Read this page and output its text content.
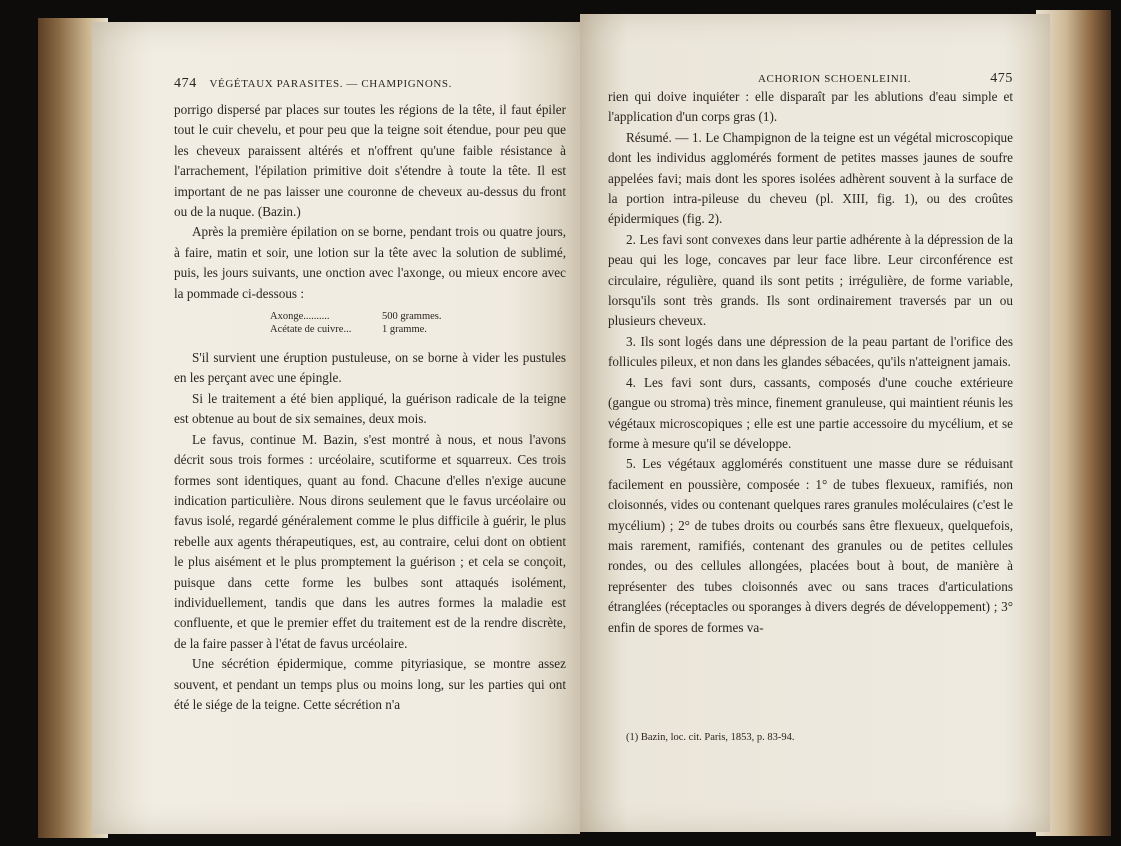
474 VÉGÉTAUX PARASITES. — CHAMPIGNONS.

porrigo dispersé par places sur toutes les régions de la tête, il faut épiler tout le cuir chevelu, et pour peu que la teigne soit étendue, pour peu que les cheveux paraissent altérés et n'offrent qu'une faible résistance à l'arrachement, l'épilation primitive doit s'étendre à toute la tête. Il est important de ne pas laisser une couronne de cheveux au-dessus du front ou de la nuque. (Bazin.)

Après la première épilation on se borne, pendant trois ou quatre jours, à faire, matin et soir, une lotion sur la tête avec la solution de sublimé, puis, les jours suivants, une onction avec l'axonge, ou mieux encore avec la pommade ci-dessous :

Axonge..........	500 grammes.
Acétate de cuivre...	1 gramme.

S'il survient une éruption pustuleuse, on se borne à vider les pustules en les perçant avec une épingle.

Si le traitement a été bien appliqué, la guérison radicale de la teigne est obtenue au bout de six semaines, deux mois.

Le favus, continue M. Bazin, s'est montré à nous, et nous l'avons décrit sous trois formes : urcéolaire, scutiforme et squarreux. Ces trois formes sont identiques, quant au fond. Chacune d'elles n'exige aucune indication particulière. Nous dirons seulement que le favus urcéolaire ou favus isolé, regardé généralement comme le plus difficile à guérir, le plus rebelle aux agents thérapeutiques, est, au contraire, celui dont on obtient le plus aisément et le plus promptement la guérison ; et cela se conçoit, puisque dans cette forme les bulbes sont attaqués isolément, individuellement, tandis que dans les autres formes la maladie est confluente, et que le premier effet du traitement est de la rendre discrète, de la faire passer à l'état de favus urcéolaire.

Une sécrétion épidermique, comme pityriasique, se montre assez souvent, et pendant un temps plus ou moins long, sur les parties qui ont été le siége de la teigne. Cette sécrétion n'a

ACHORION SCHOENLEINII.	475

rien qui doive inquiéter : elle disparaît par les ablutions d'eau simple et l'application d'un corps gras (1).

Résumé. — 1. Le Champignon de la teigne est un végétal microscopique dont les individus agglomérés forment de petites masses jaunes de soufre appelées favi; mais dont les spores isolées adhèrent souvent à la surface de la portion intra-pileuse du cheveu (pl. XIII, fig. 1), ou des croûtes épidermiques (fig. 2).

2. Les favi sont convexes dans leur partie adhérente à la dépression de la peau qui les loge, concaves par leur face libre. Leur circonférence est circulaire, régulière, quand ils sont petits ; irrégulière, de forme variable, lorsqu'ils sont très grands. Ils sont ordinairement traversés par un ou plusieurs cheveux.

3. Ils sont logés dans une dépression de la peau partant de l'orifice des follicules pileux, et non dans les glandes sébacées, qu'ils n'atteignent jamais.

4. Les favi sont durs, cassants, composés d'une couche extérieure (gangue ou stroma) très mince, finement granuleuse, qui maintient réunis les végétaux microscopiques ; elle est une partie accessoire du mycélium, et se forme à mesure qu'il se développe.

5. Les végétaux agglomérés constituent une masse dure se réduisant facilement en poussière, composée : 1° de tubes flexueux, ramifiés, non cloisonnés, vides ou contenant quelques rares granules moléculaires (c'est le mycélium) ; 2° de tubes droits ou courbés sans être flexueux, quelquefois, mais rarement, ramifiés, contenant des granules ou de petites cellules rondes, ou des cellules allongées, placées bout à bout, de manière à représenter des tubes cloisonnés avec ou sans traces d'articulations étranglées (réceptacles ou sporanges à divers degrés de développement) ; 3° enfin de spores de formes va-

(1) Bazin, loc. cit. Paris, 1853, p. 83-94.
